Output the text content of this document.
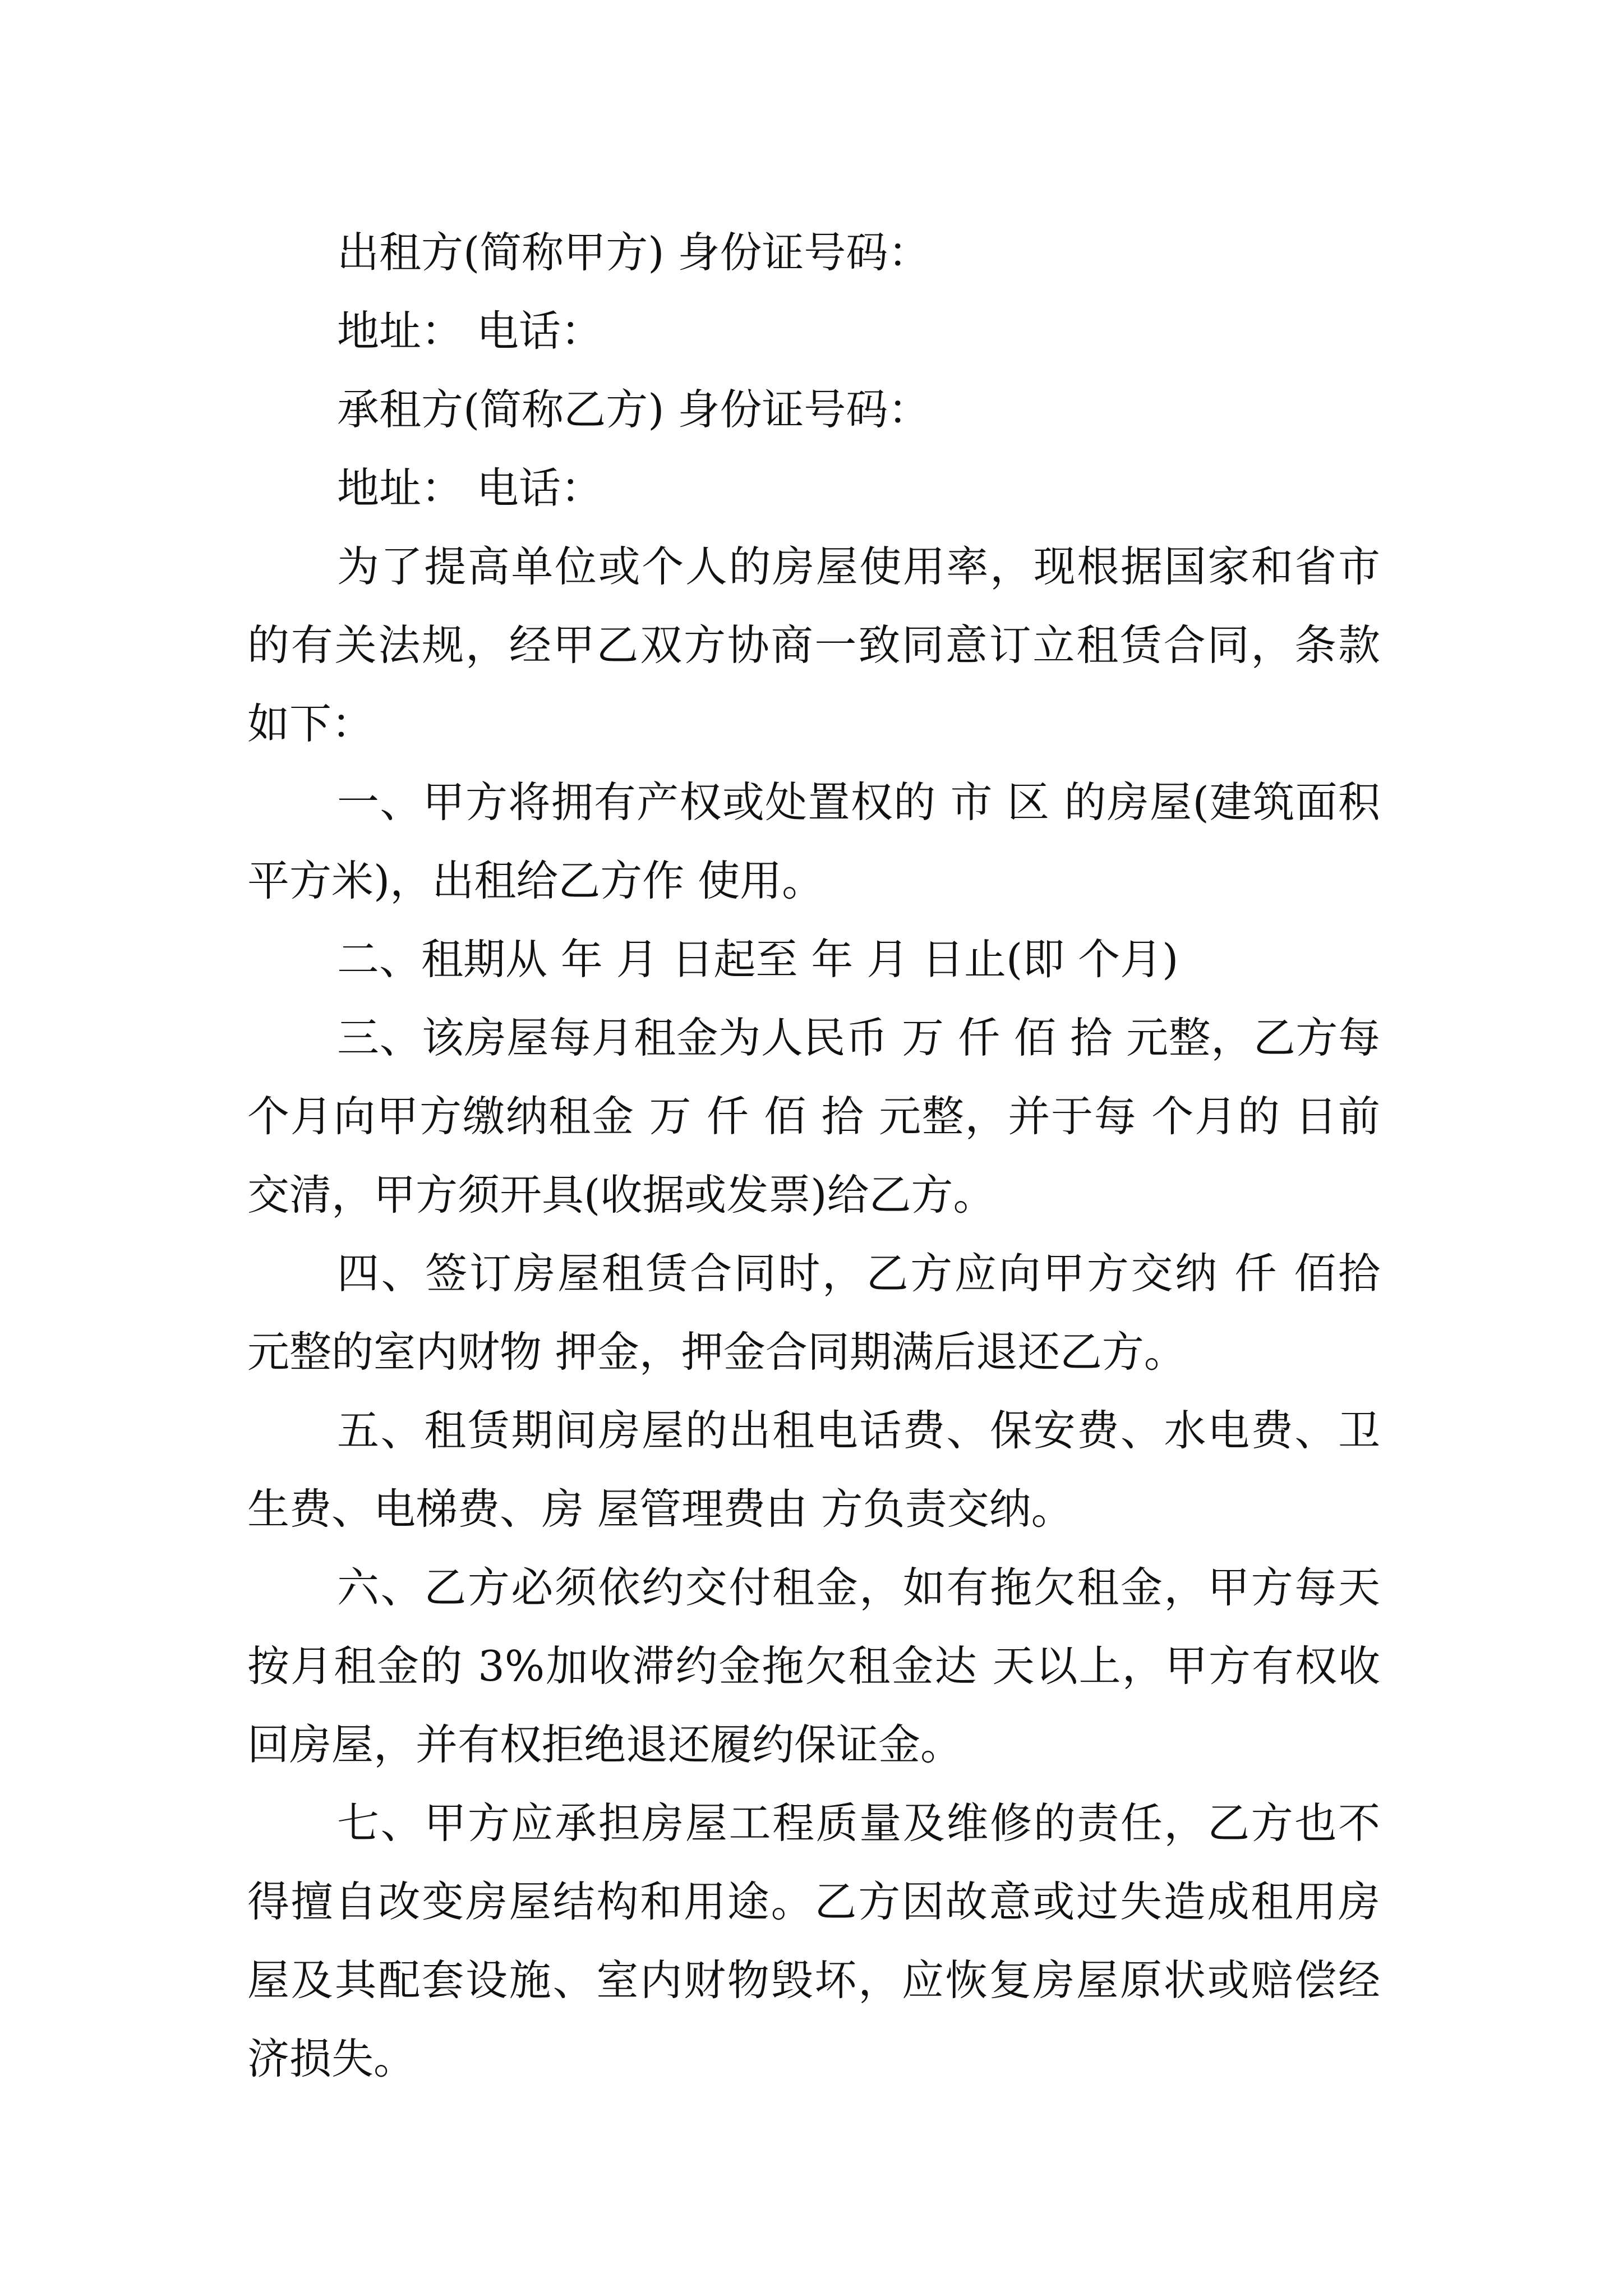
出租方(简称甲方) 身份证号码：

地址： 电话：

承租方(简称乙方) 身份证号码：

地址： 电话：

为了提高单位或个人的房屋使用率，现根据国家和省市的有关法规，经甲乙双方协商一致同意订立租赁合同，条款如下：

一、甲方将拥有产权或处置权的 市 区 的房屋(建筑面积 平方米)，出租给乙方作 使用。

二、租期从 年 月 日起至 年 月 日止(即 个月)

三、该房屋每月租金为人民币 万 仟 佰 拾 元整，乙方每 个月向甲方缴纳租金 万 仟 佰 拾 元整，并于每 个月的 日前交清，甲方须开具(收据或发票)给乙方。

四、签订房屋租赁合同时，乙方应向甲方交纳 仟 佰拾 元整的室内财物 押金，押金合同期满后退还乙方。

五、租赁期间房屋的出租电话费、保安费、水电费、卫生费、电梯费、房 屋管理费由 方负责交纳。

六、乙方必须依约交付租金，如有拖欠租金，甲方每天按月租金的 3%加收滞约金拖欠租金达 天以上，甲方有权收回房屋，并有权拒绝退还履约保证金。

七、甲方应承担房屋工程质量及维修的责任，乙方也不得擅自改变房屋结构和用途。乙方因故意或过失造成租用房屋及其配套设施、室内财物毁坏，应恢复房屋原状或赔偿经济损失。
